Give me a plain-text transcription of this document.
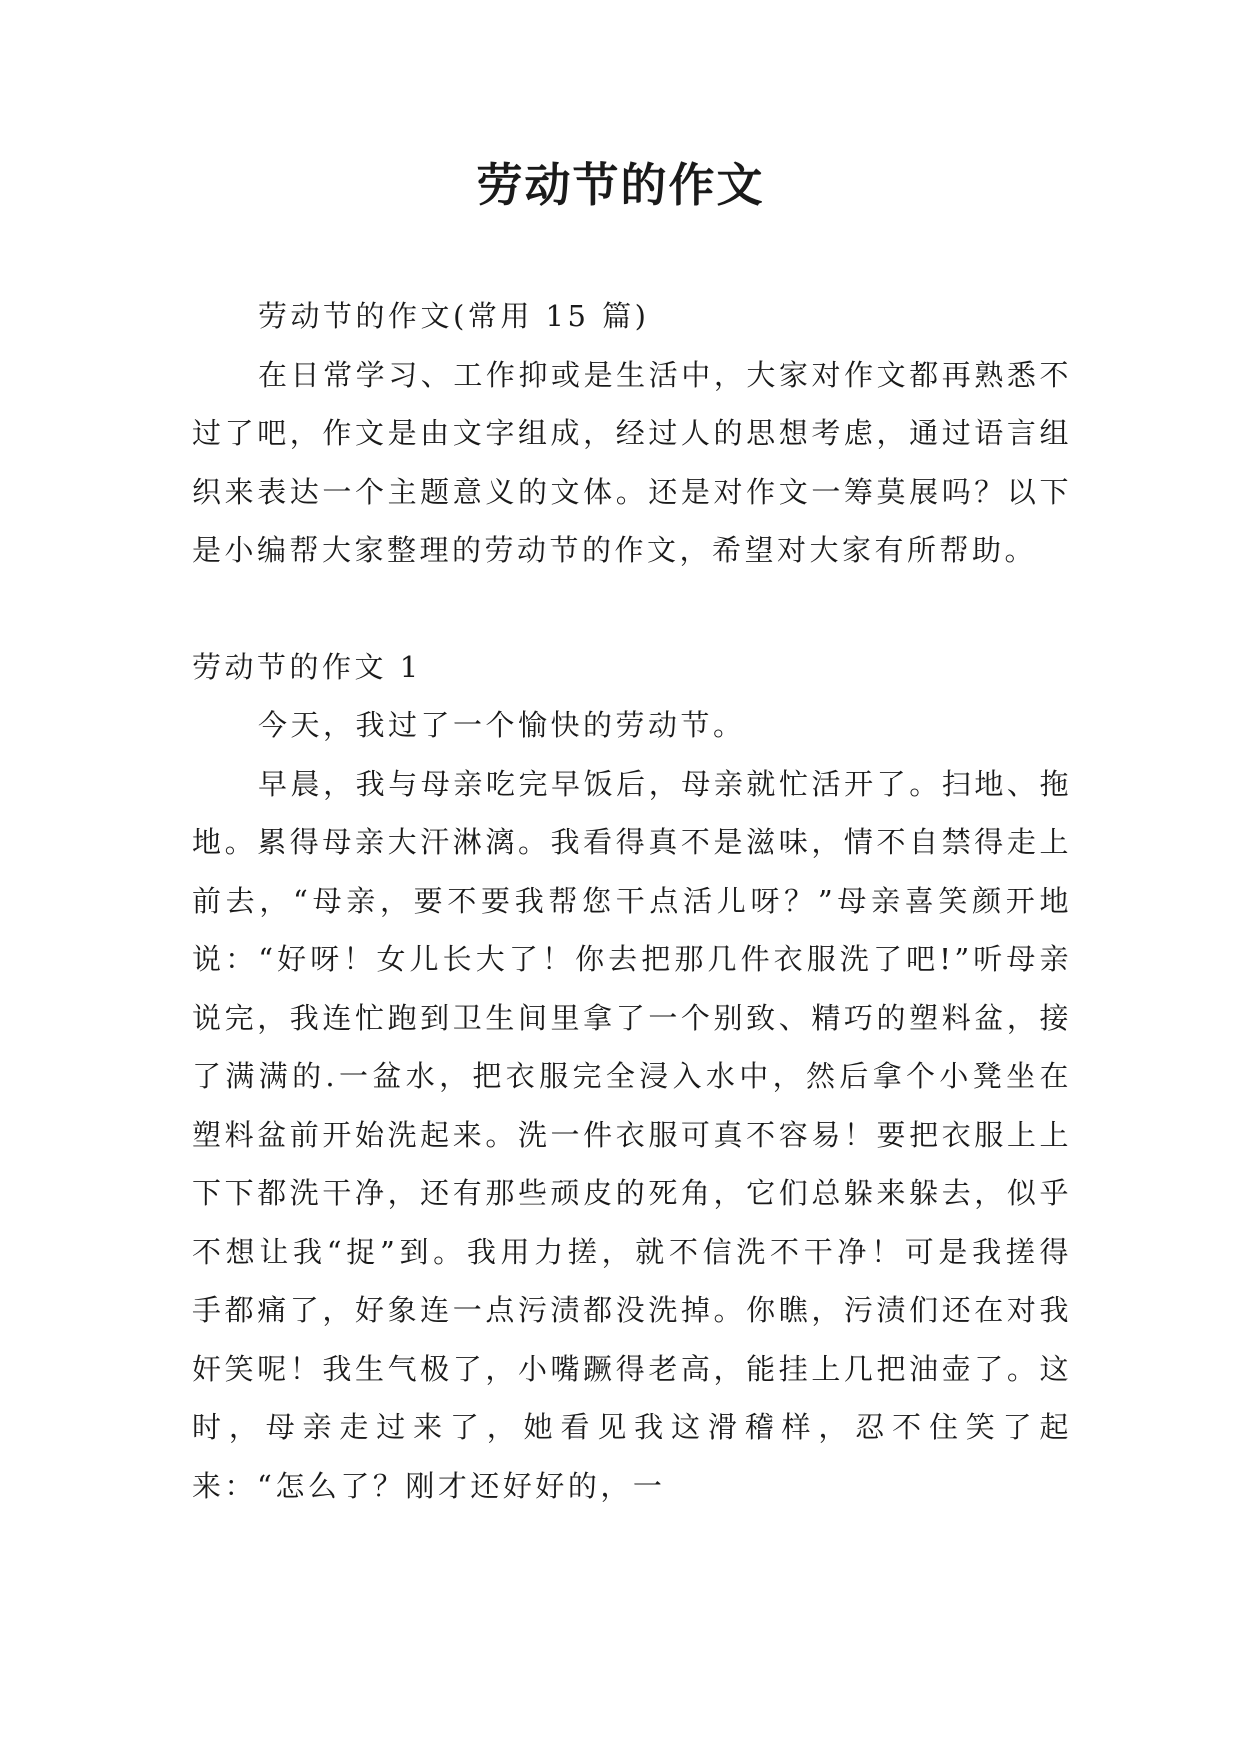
劳动节的作文

劳动节的作文(常用 15 篇)

在日常学习、工作抑或是生活中，大家对作文都再熟悉不过了吧，作文是由文字组成，经过人的思想考虑，通过语言组织来表达一个主题意义的文体。还是对作文一筹莫展吗？以下是小编帮大家整理的劳动节的作文，希望对大家有所帮助。

劳动节的作文 1

今天，我过了一个愉快的劳动节。

早晨，我与母亲吃完早饭后，母亲就忙活开了。扫地、拖地。累得母亲大汗淋漓。我看得真不是滋味，情不自禁得走上前去，“母亲，要不要我帮您干点活儿呀？”母亲喜笑颜开地说：“好呀！女儿长大了！你去把那几件衣服洗了吧!”听母亲说完，我连忙跑到卫生间里拿了一个别致、精巧的塑料盆，接了满满的.一盆水，把衣服完全浸入水中，然后拿个小凳坐在塑料盆前开始洗起来。洗一件衣服可真不容易！要把衣服上上下下都洗干净，还有那些顽皮的死角，它们总躲来躲去，似乎不想让我“捉”到。我用力搓，就不信洗不干净！可是我搓得手都痛了，好象连一点污渍都没洗掉。你瞧，污渍们还在对我奸笑呢！我生气极了，小嘴蹶得老高，能挂上几把油壶了。这时，母亲走过来了，她看见我这滑稽样，忍不住笑了起来：“怎么了？刚才还好好的，一
